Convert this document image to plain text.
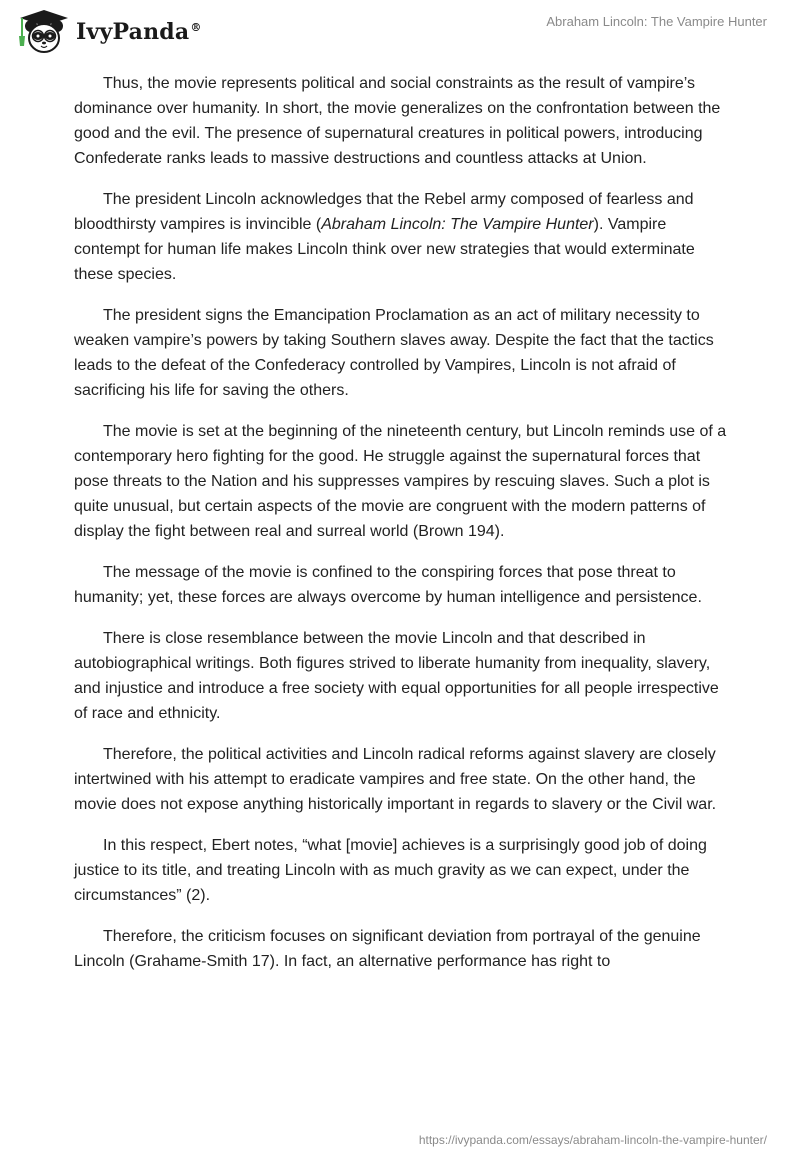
IvyPanda®	Abraham Lincoln: The Vampire Hunter

Thus, the movie represents political and social constraints as the result of vampire’s dominance over humanity. In short, the movie generalizes on the confrontation between the good and the evil. The presence of supernatural creatures in political powers, introducing Confederate ranks leads to massive destructions and countless attacks at Union.

The president Lincoln acknowledges that the Rebel army composed of fearless and bloodthirsty vampires is invincible (Abraham Lincoln: The Vampire Hunter). Vampire contempt for human life makes Lincoln think over new strategies that would exterminate these species.

The president signs the Emancipation Proclamation as an act of military necessity to weaken vampire’s powers by taking Southern slaves away. Despite the fact that the tactics leads to the defeat of the Confederacy controlled by Vampires, Lincoln is not afraid of sacrificing his life for saving the others.

The movie is set at the beginning of the nineteenth century, but Lincoln reminds use of a contemporary hero fighting for the good. He struggle against the supernatural forces that pose threats to the Nation and his suppresses vampires by rescuing slaves. Such a plot is quite unusual, but certain aspects of the movie are congruent with the modern patterns of display the fight between real and surreal world (Brown 194).

The message of the movie is confined to the conspiring forces that pose threat to humanity; yet, these forces are always overcome by human intelligence and persistence.

There is close resemblance between the movie Lincoln and that described in autobiographical writings. Both figures strived to liberate humanity from inequality, slavery, and injustice and introduce a free society with equal opportunities for all people irrespective of race and ethnicity.

Therefore, the political activities and Lincoln radical reforms against slavery are closely intertwined with his attempt to eradicate vampires and free state. On the other hand, the movie does not expose anything historically important in regards to slavery or the Civil war.

In this respect, Ebert notes, “what [movie] achieves is a surprisingly good job of doing justice to its title, and treating Lincoln with as much gravity as we can expect, under the circumstances” (2).

Therefore, the criticism focuses on significant deviation from portrayal of the genuine Lincoln (Grahame-Smith 17). In fact, an alternative performance has right to

https://ivypanda.com/essays/abraham-lincoln-the-vampire-hunter/
